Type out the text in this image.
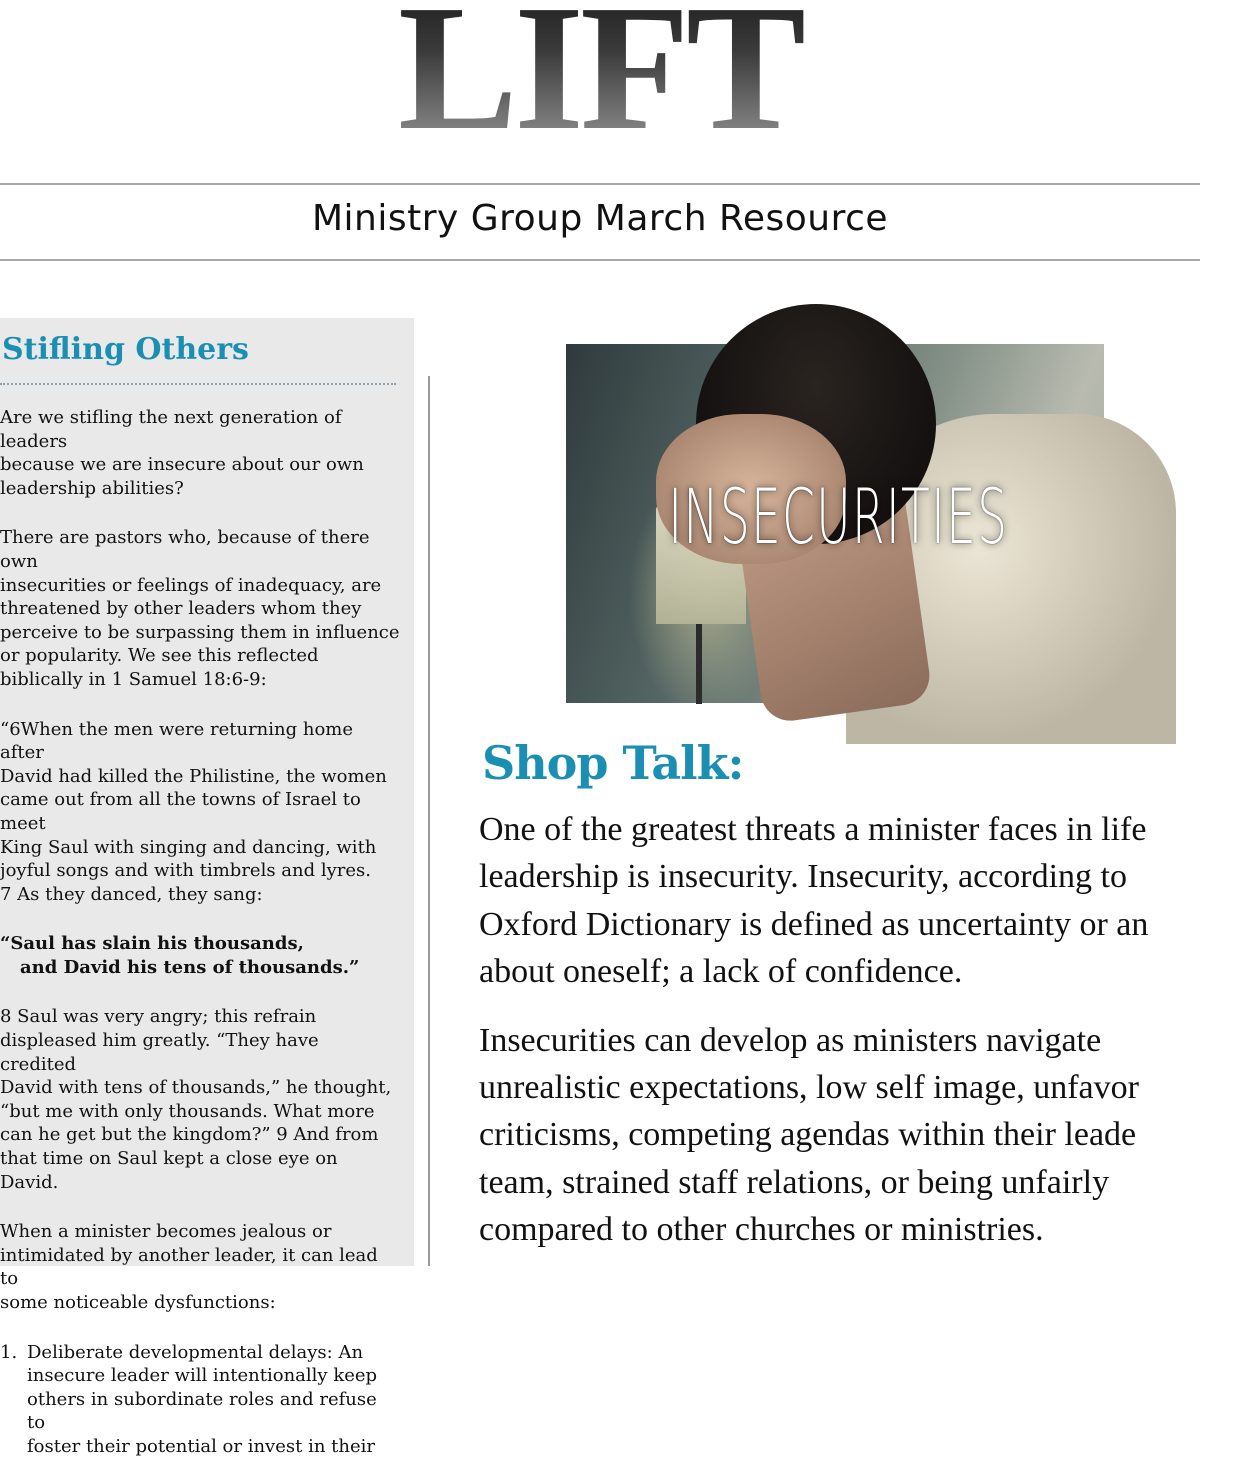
LIFT
Ministry Group March Resource
Stifling Others

Are we stifling the next generation of leaders
because we are insecure about our own
leadership abilities?

There are pastors who, because of there own
insecurities or feelings of inadequacy, are
threatened by other leaders whom they
perceive to be surpassing them in influence
or popularity. We see this reflected
biblically in 1 Samuel 18:6-9:

“6When the men were returning home after
David had killed the Philistine, the women
came out from all the towns of Israel to meet
King Saul with singing and dancing, with
joyful songs and with timbrels and lyres.
7 As they danced, they sang:

“Saul has slain his thousands,
and David his tens of thousands.”

8 Saul was very angry; this refrain
displeased him greatly. “They have credited
David with tens of thousands,” he thought,
“but me with only thousands. What more
can he get but the kingdom?” 9 And from
that time on Saul kept a close eye on David.

When a minister becomes jealous or
intimidated by another leader, it can lead to
some noticeable dysfunctions:

1. Deliberate developmental delays: An
insecure leader will intentionally keep
others in subordinate roles and refuse to
foster their potential or invest in their
INSECURITIES
Shop Talk:

One of the greatest threats a minister faces in life
leadership is insecurity. Insecurity, according to
Oxford Dictionary is defined as uncertainty or an
about oneself; a lack of confidence.

Insecurities can develop as ministers navigate
unrealistic expectations, low self image, unfavor
criticisms, competing agendas within their leade
team, strained staff relations, or being unfairly
compared to other churches or ministries.
